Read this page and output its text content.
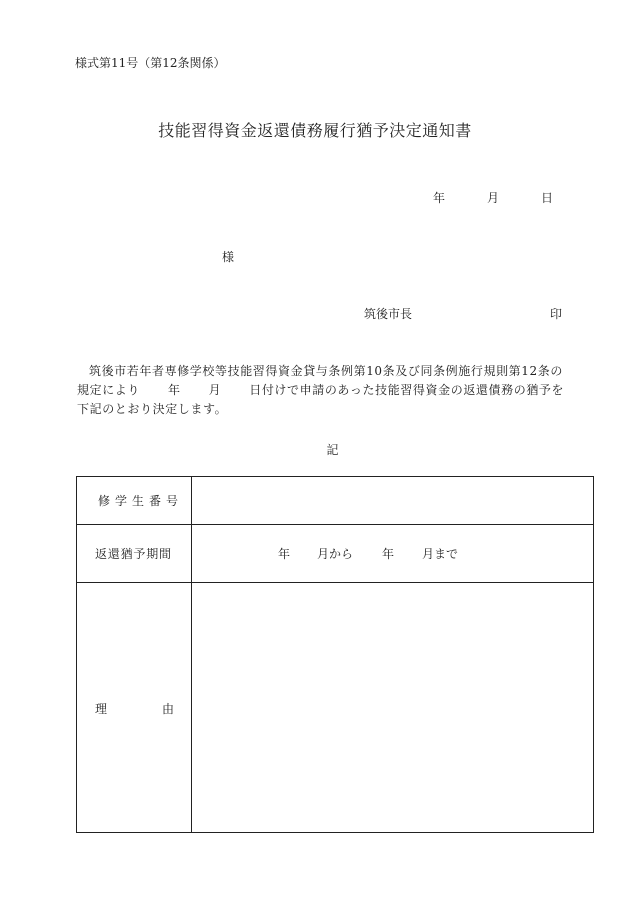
様式第11号（第12条関係）
技能習得資金返還債務履行猶予決定通知書
年	月	日
様
筑後市長	印
筑後市若年者専修学校等技能習得資金貸与条例第10条及び同条例施行規則第12条の
規定により 年 月 日付けで申請のあった技能習得資金の返還債務の猶予を
下記のとおり決定します。
記
修学生番号
返還猶予期間	年 月から 年 月まで
理	由
